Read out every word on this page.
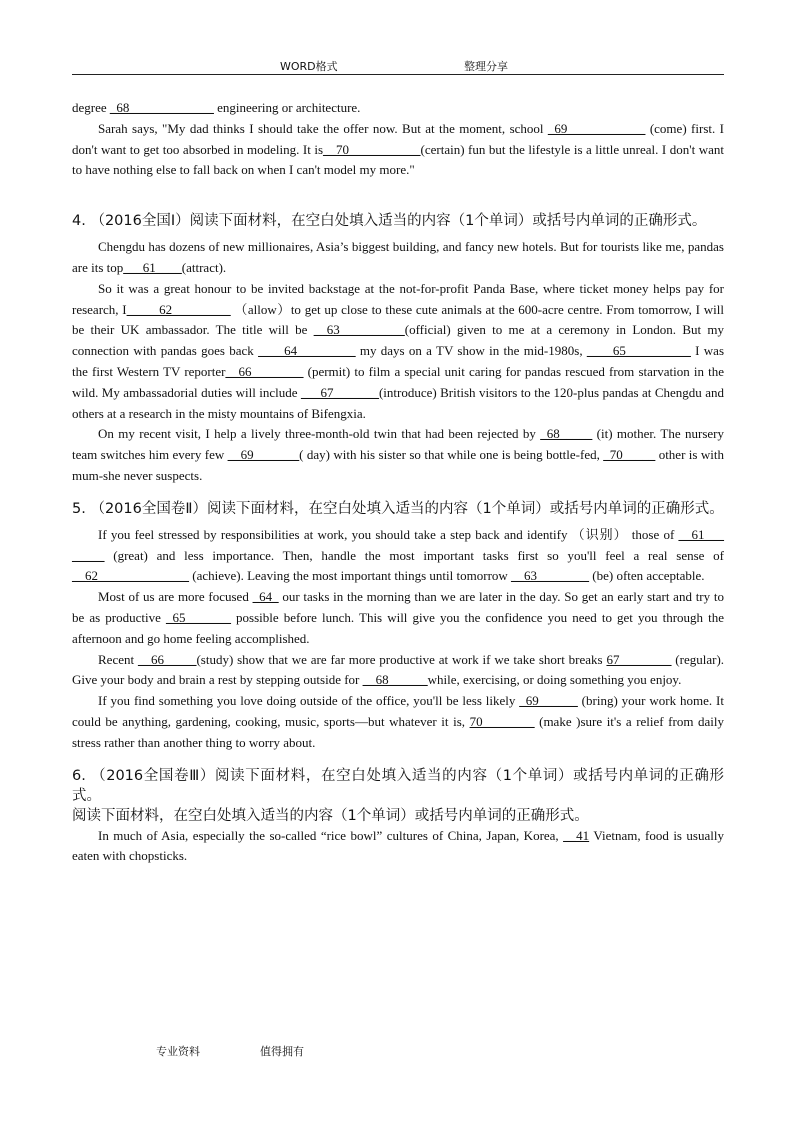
WORD格式	整理分享

degree _68_____________ engineering or architecture.

Sarah says, "My dad thinks I should take the offer now. But at the moment, school _69____________ (come) first. I don't want to get too absorbed in modeling. It is__70___________(certain) fun but the lifestyle is a little unreal. I don't want to have nothing else to fall back on when I can't model my more."

4. （2016全国Ⅰ）阅读下面材料，在空白处填入适当的内容（1个单词）或括号内单词的正确形式。

Chengdu has dozens of new millionaires, Asia’s biggest building, and fancy new hotels. But for tourists like me, pandas are its top___61____(attract).

So it was a great honour to be invited backstage at the not-for-profit Panda Base, where ticket money helps pay for research, I_____62_________ （allow）to get up close to these cute animals at the 600-acre centre. From tomorrow, I will be their UK ambassador. The title will be __63__________(official) given to me at a ceremony in London. But my connection with pandas goes back ____64_________ my days on a TV show in the mid-1980s, ____65__________ I was the first Western TV reporter__66________ (permit) to film a special unit caring for pandas rescued from starvation in the wild. My ambassadorial duties will include ___67_______(introduce) British visitors to the 120-plus pandas at Chengdu and others at a research in the misty mountains of Bifengxia.

On my recent visit, I help a lively three-month-old twin that had been rejected by _68_____ (it) mother. The nursery team switches him every few __69_______( day) with his sister so that while one is being bottle-fed, _70_____ other is with mum-she never suspects.

5. （2016全国卷Ⅱ）阅读下面材料，在空白处填入适当的内容（1个单词）或括号内单词的正确形式。

If you feel stressed by responsibilities at work, you should take a step back and identify （识别） those of __61___ _____ (great) and less importance. Then, handle the most important tasks first so you'll feel a real sense of __62______________ (achieve). Leaving the most important things until tomorrow __63________ (be) often acceptable.

Most of us are more focused _64_ our tasks in the morning than we are later in the day. So get an early start and try to be as productive _65_______ possible before lunch. This will give you the confidence you need to get you through the afternoon and go home feeling accomplished.

Recent __66_____(study) show that we are far more productive at work if we take short breaks 67________ (regular). Give your body and brain a rest by stepping outside for __68______while, exercising, or doing something you enjoy.

If you find something you love doing outside of the office, you'll be less likely _69______ (bring) your work home. It could be anything, gardening, cooking, music, sports—but whatever it is, 70________ (make )sure it's a relief from daily stress rather than another thing to worry about.

6. （2016全国卷Ⅲ）阅读下面材料，在空白处填入适当的内容（1个单词）或括号内单词的正确形式。

阅读下面材料，在空白处填入适当的内容（1个单词）或括号内单词的正确形式。

In much of Asia, especially the so-called “rice bowl” cultures of China, Japan, Korea, __41 Vietnam, food is usually eaten with chopsticks.

专业资料	值得拥有
